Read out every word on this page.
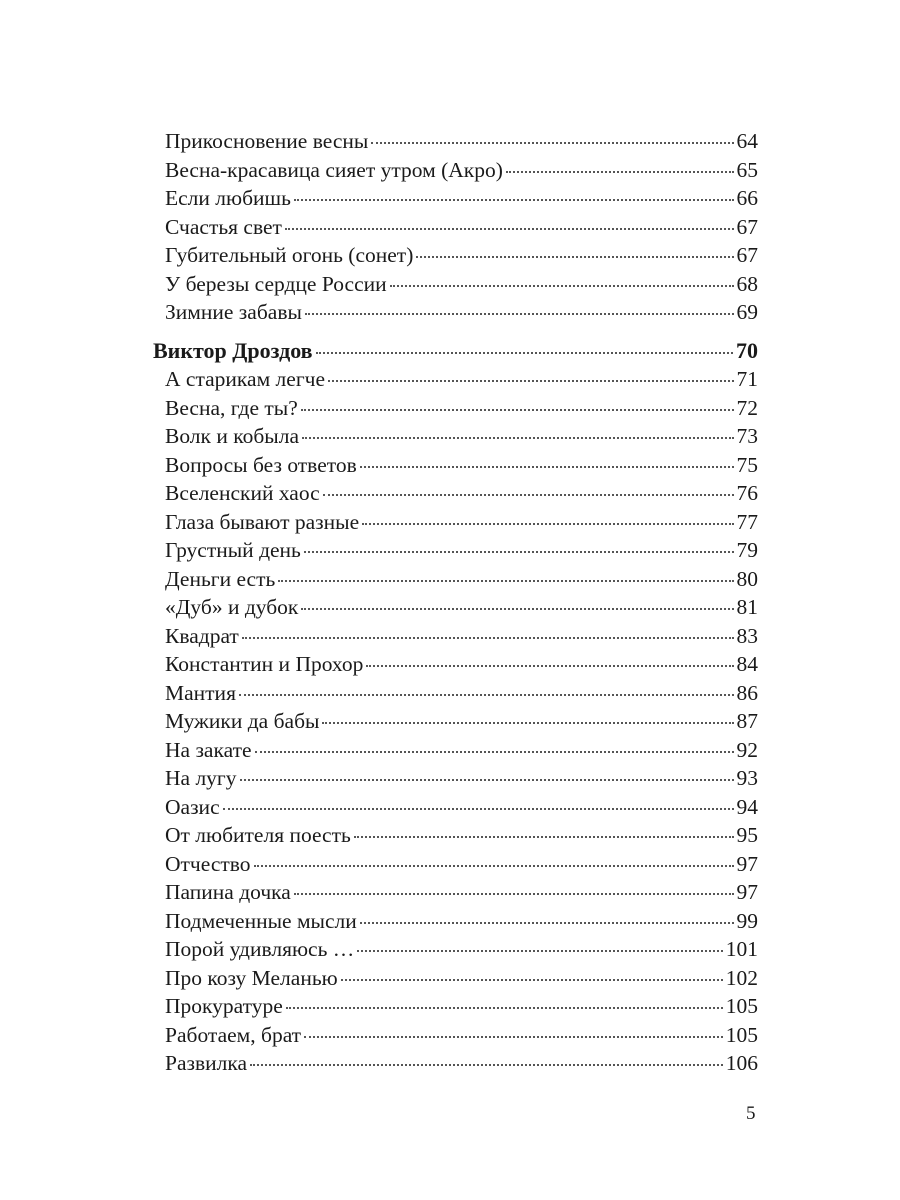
Прикосновение весны	64
Весна-красавица сияет утром (Акро)	65
Если любишь	66
Счастья свет	67
Губительный огонь (сонет)	67
У березы сердце России	68
Зимние забавы	69
Виктор Дроздов	70
А старикам легче	71
Весна, где ты?	72
Волк и кобыла	73
Вопросы без ответов	75
Вселенский хаос	76
Глаза бывают разные	77
Грустный день	79
Деньги есть	80
«Дуб» и дубок	81
Квадрат	83
Константин и Прохор	84
Мантия	86
Мужики да бабы	87
На закате	92
На лугу	93
Оазис	94
От любителя поесть	95
Отчество	97
Папина дочка	97
Подмеченные мысли	99
Порой удивляюсь …	101
Про козу Меланью	102
Прокуратуре	105
Работаем, брат	105
Развилка	106
5
